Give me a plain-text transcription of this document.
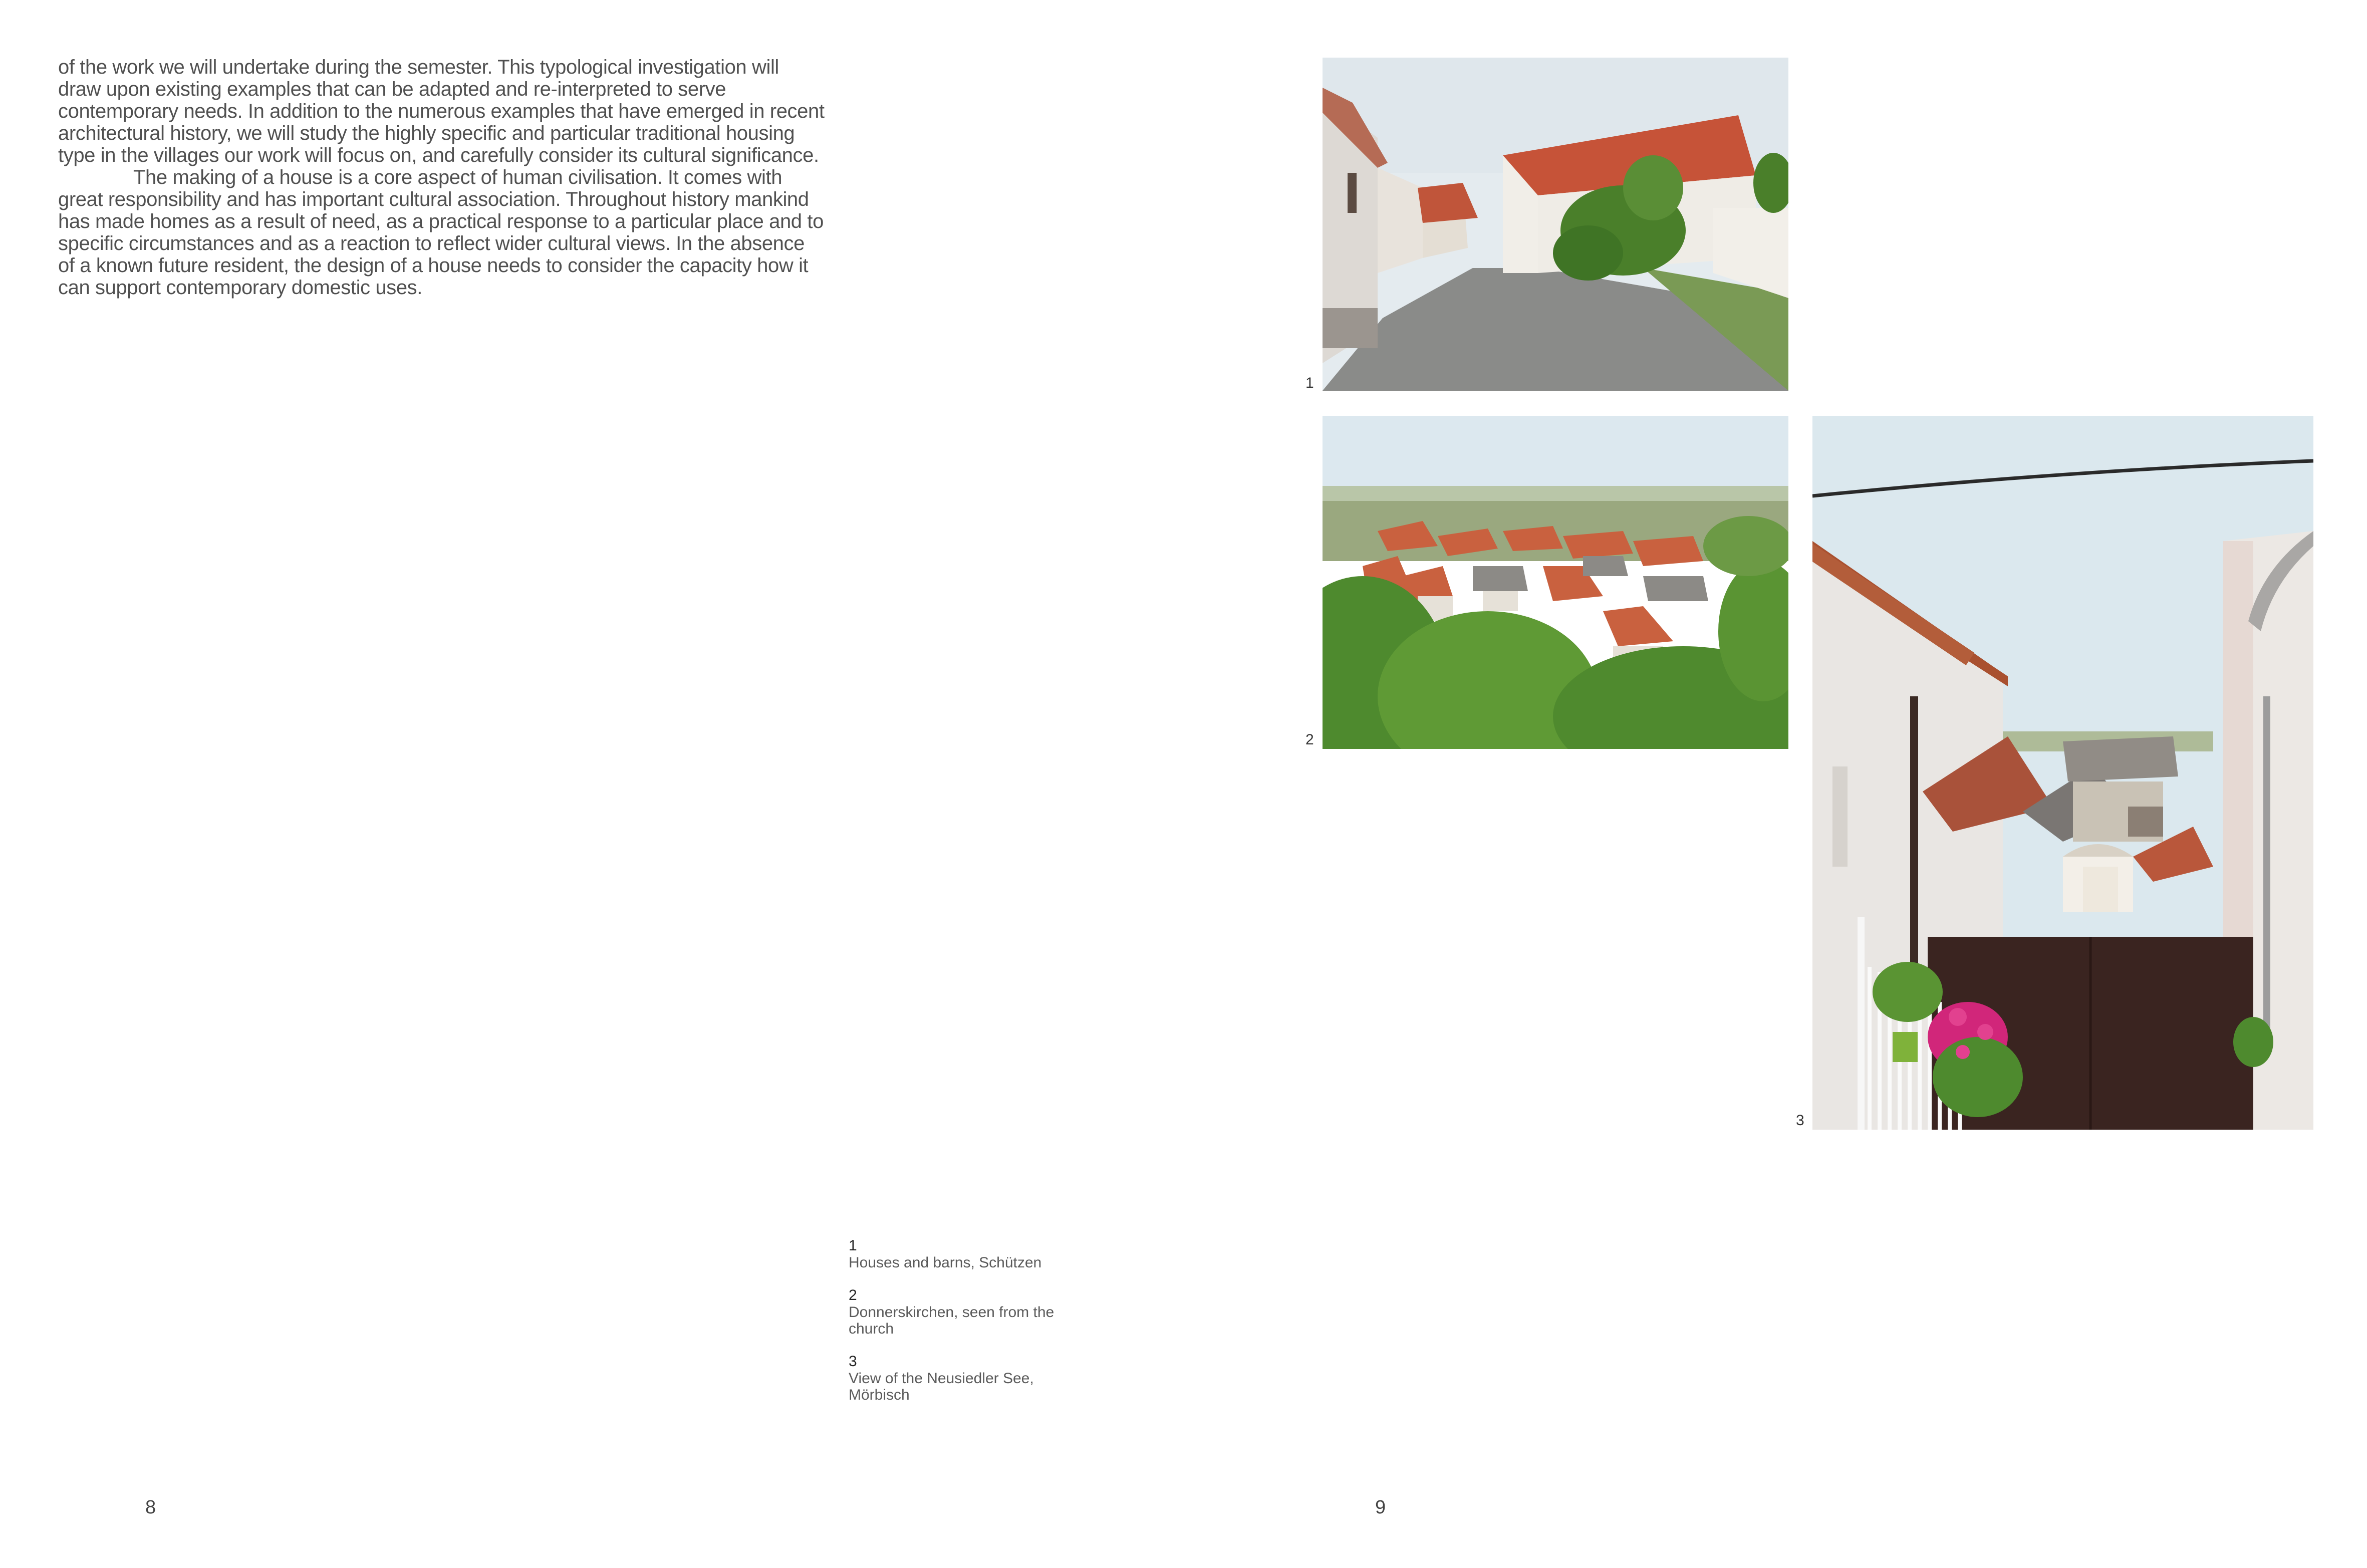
of the work we will undertake during the semester. This typological investigation will draw upon existing examples that can be adapted and re-interpreted to serve contemporary needs. In addition to the numerous examples that have emerged in recent architectural history, we will study the highly specific and particular traditional housing type in the villages our work will focus on, and carefully consider its cultural significance.

The making of a house is a core aspect of human civilisation. It comes with great responsibility and has important cultural association. Throughout history mankind has made homes as a result of need, as a practical response to a particular place and to specific circumstances and as a reaction to reflect wider cultural views. In the absence of a known future resident, the design of a house needs to consider the capacity how it can support contemporary domestic uses.

1
Houses and barns, Schützen
2
Donnerskirchen, seen from the church
3
View of the Neusiedler See, Mörbisch
8	9
1
2
3
